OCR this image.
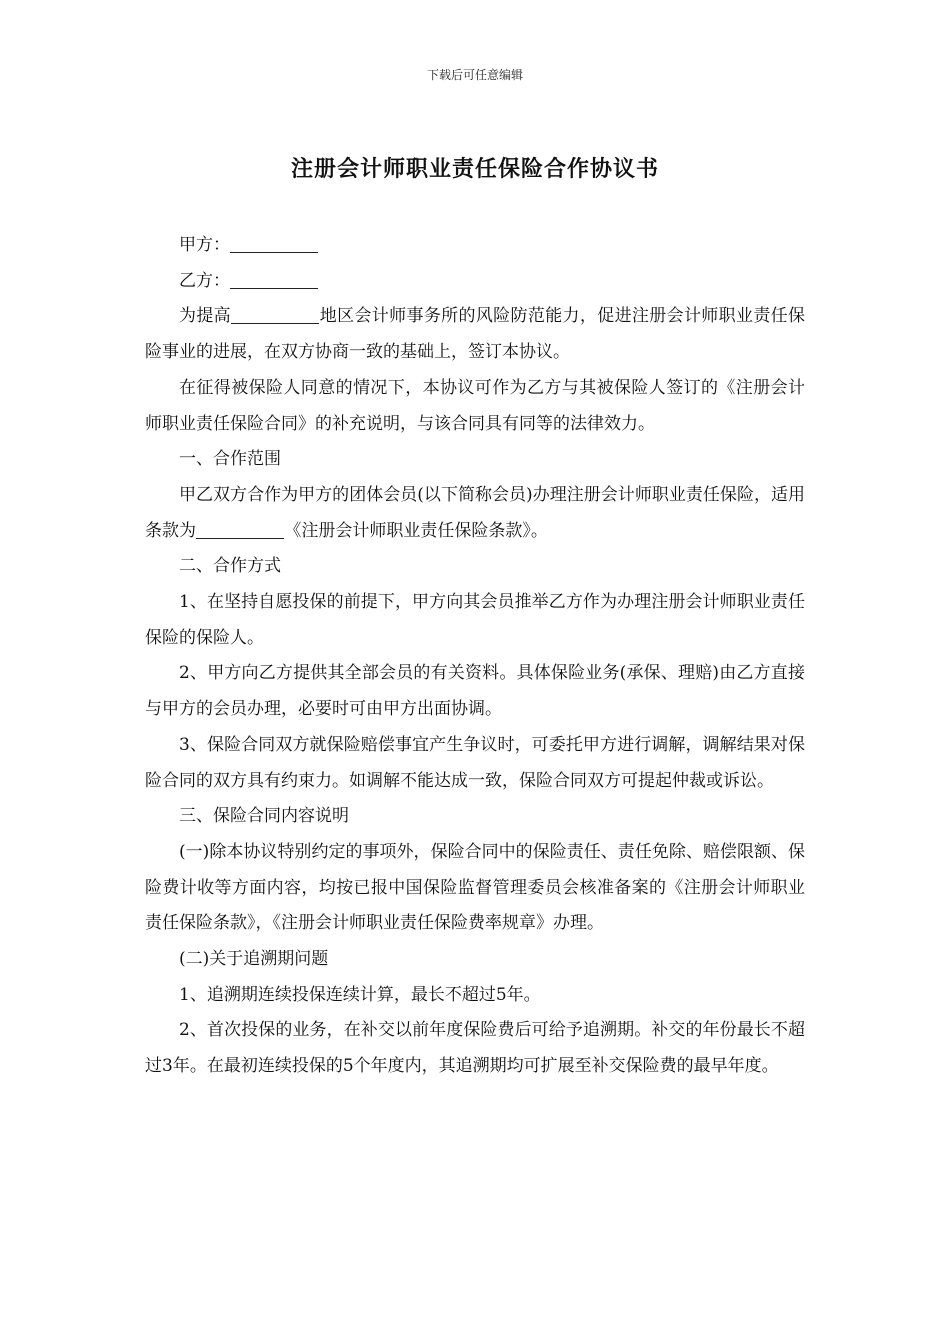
下载后可任意编辑
注册会计师职业责任保险合作协议书

甲方：

乙方：

为提高	地区会计师事务所的风险防范能力，促进注册会计师职业责任保险事业的进展，在双方协商一致的基础上，签订本协议。

在征得被保险人同意的情况下，本协议可作为乙方与其被保险人签订的《注册会计师职业责任保险合同》的补充说明，与该合同具有同等的法律效力。

一、合作范围

甲乙双方合作为甲方的团体会员(以下简称会员)办理注册会计师职业责任保险，适用条款为	《注册会计师职业责任保险条款》。

二、合作方式

1、在坚持自愿投保的前提下，甲方向其会员推举乙方作为办理注册会计师职业责任保险的保险人。

2、甲方向乙方提供其全部会员的有关资料。具体保险业务(承保、理赔)由乙方直接与甲方的会员办理，必要时可由甲方出面协调。

3、保险合同双方就保险赔偿事宜产生争议时，可委托甲方进行调解，调解结果对保险合同的双方具有约束力。如调解不能达成一致，保险合同双方可提起仲裁或诉讼。

三、保险合同内容说明

(一)除本协议特别约定的事项外，保险合同中的保险责任、责任免除、赔偿限额、保险费计收等方面内容，均按已报中国保险监督管理委员会核准备案的《注册会计师职业责任保险条款》，《注册会计师职业责任保险费率规章》办理。

(二)关于追溯期问题

1、追溯期连续投保连续计算，最长不超过5年。

2、首次投保的业务，在补交以前年度保险费后可给予追溯期。补交的年份最长不超过3年。在最初连续投保的5个年度内，其追溯期均可扩展至补交保险费的最早年度。
